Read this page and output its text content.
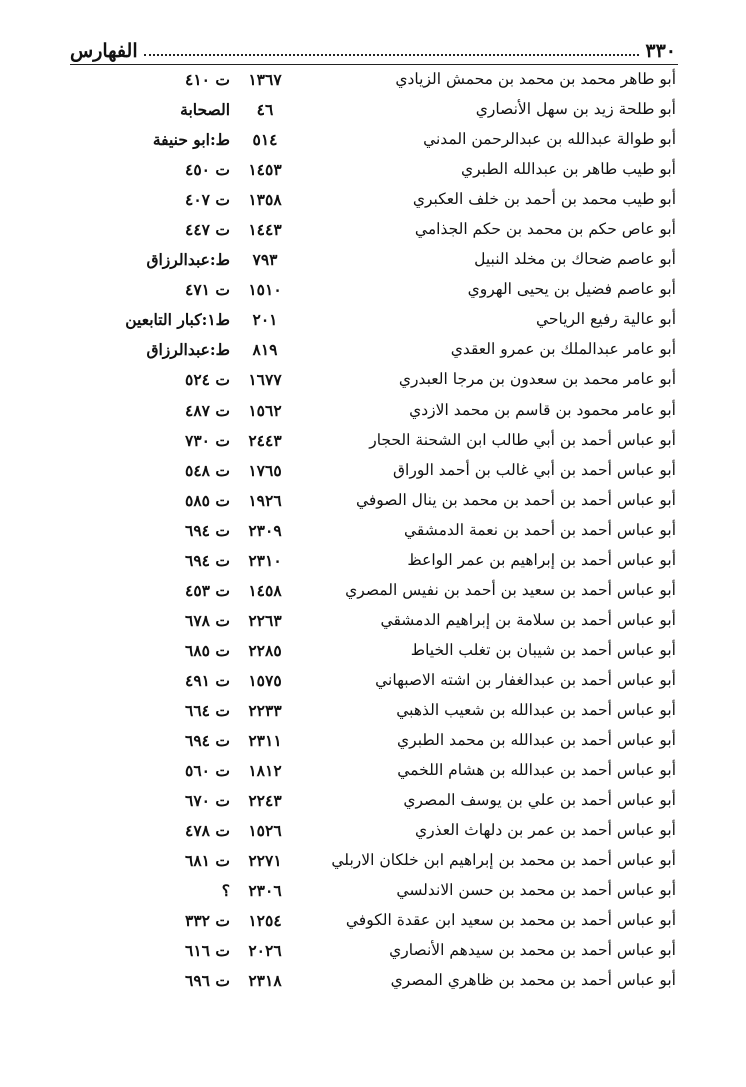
٣٣٠
الفهارس
أبو طاهر محمد بن محمد بن محمش الزيادي
١٣٦٧
ت ٤١٠
أبو طلحة زيد بن سهل الأنصاري
٤٦
الصحابة
أبو طوالة عبدالله بن عبدالرحمن المدني
٥١٤
ط:ابو حنيفة
أبو طيب طاهر بن عبدالله الطبري
١٤٥٣
ت ٤٥٠
أبو طيب محمد بن أحمد بن خلف العكبري
١٣٥٨
ت ٤٠٧
أبو عاص حكم بن محمد بن حكم الجذامي
١٤٤٣
ت ٤٤٧
أبو عاصم ضحاك بن مخلد النبيل
٧٩٣
ط:عبدالرزاق
أبو عاصم فضيل بن يحيى الهروي
١٥١٠
ت ٤٧١
أبو عالية رفيع الرياحي
٢٠١
ط١:كبار التابعين
أبو عامر عبدالملك بن عمرو العقدي
٨١٩
ط:عبدالرزاق
أبو عامر محمد بن سعدون بن مرجا العبدري
١٦٧٧
ت ٥٢٤
أبو عامر محمود بن قاسم بن محمد الازدي
١٥٦٢
ت ٤٨٧
أبو عباس أحمد بن أبي طالب ابن الشحنة الحجار
٢٤٤٣
ت ٧٣٠
أبو عباس أحمد بن أبي غالب بن أحمد الوراق
١٧٦٥
ت ٥٤٨
أبو عباس أحمد بن أحمد بن محمد بن ينال الصوفي
١٩٢٦
ت ٥٨٥
أبو عباس أحمد بن أحمد بن نعمة الدمشقي
٢٣٠٩
ت ٦٩٤
أبو عباس أحمد بن إبراهيم بن عمر الواعظ
٢٣١٠
ت ٦٩٤
أبو عباس أحمد بن سعيد بن أحمد بن نفيس المصري
١٤٥٨
ت ٤٥٣
أبو عباس أحمد بن سلامة بن إبراهيم الدمشقي
٢٢٦٣
ت ٦٧٨
أبو عباس أحمد بن شيبان بن تغلب الخياط
٢٢٨٥
ت ٦٨٥
أبو عباس أحمد بن عبدالغفار بن اشته الاصبهاني
١٥٧٥
ت ٤٩١
أبو عباس أحمد بن عبدالله بن شعيب الذهبي
٢٢٣٣
ت ٦٦٤
أبو عباس أحمد بن عبدالله بن محمد الطبري
٢٣١١
ت ٦٩٤
أبو عباس أحمد بن عبدالله بن هشام اللخمي
١٨١٢
ت ٥٦٠
أبو عباس أحمد بن علي بن يوسف المصري
٢٢٤٣
ت ٦٧٠
أبو عباس أحمد بن عمر بن دلهاث العذري
١٥٢٦
ت ٤٧٨
أبو عباس أحمد بن محمد بن إبراهيم ابن خلكان الاربلي
٢٢٧١
ت ٦٨١
أبو عباس أحمد بن محمد بن حسن الاندلسي
٢٣٠٦
؟
أبو عباس أحمد بن محمد بن سعيد ابن عقدة الكوفي
١٢٥٤
ت ٣٣٢
أبو عباس أحمد بن محمد بن سيدهم الأنصاري
٢٠٢٦
ت ٦١٦
أبو عباس أحمد بن محمد بن ظاهري المصري
٢٣١٨
ت ٦٩٦
